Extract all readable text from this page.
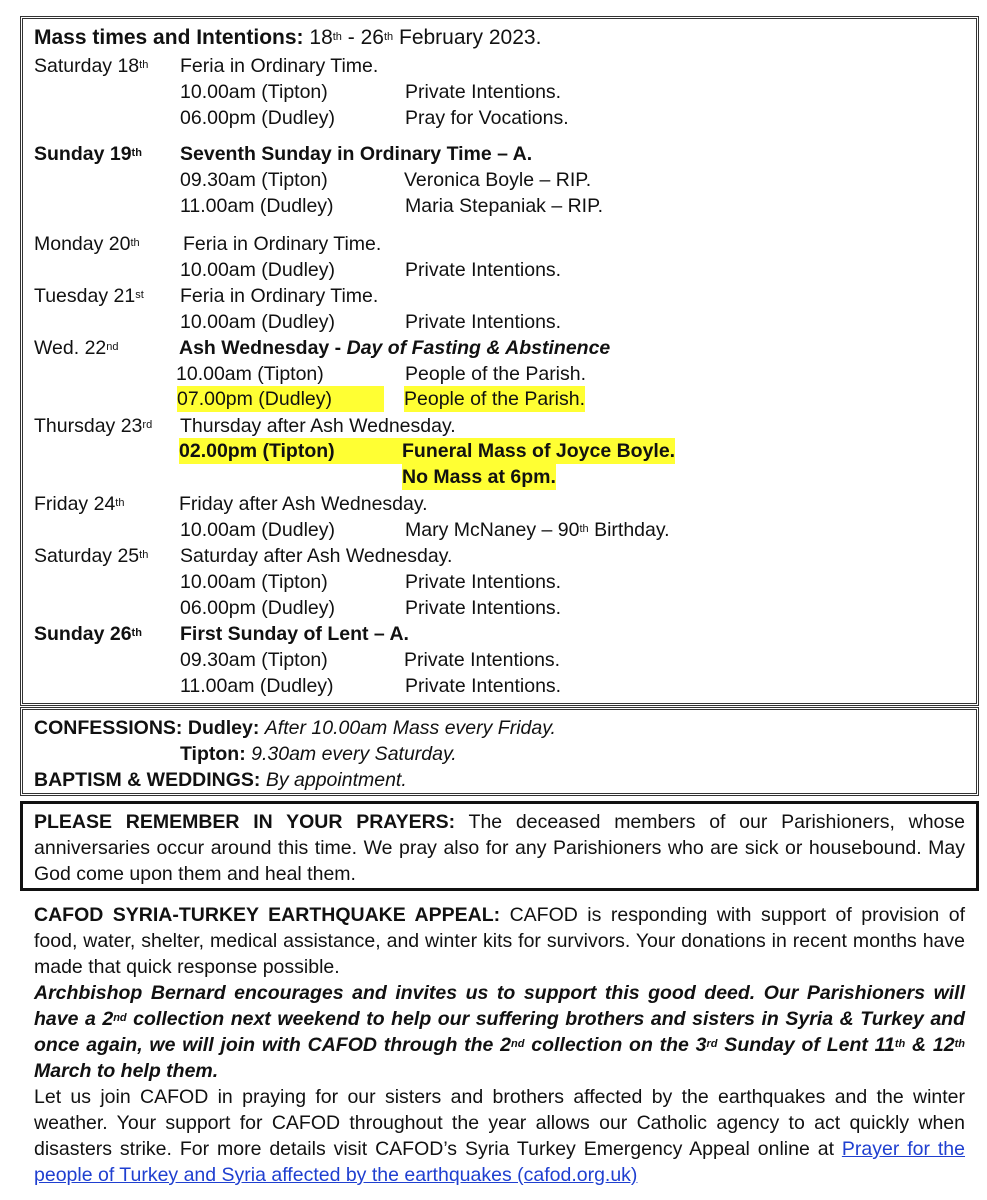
Mass times and Intentions: 18th - 26th February 2023.
Saturday 18th Feria in Ordinary Time.
10.00am (Tipton)	Private Intentions.
06.00pm (Dudley)	Pray for Vocations.
Sunday 19th Seventh Sunday in Ordinary Time – A.
09.30am (Tipton)	Veronica Boyle – RIP.
11.00am (Dudley)	Maria Stepaniak – RIP.
Monday 20th Feria in Ordinary Time.
10.00am (Dudley)	Private Intentions.
Tuesday 21st Feria in Ordinary Time.
10.00am (Dudley)	Private Intentions.
Wed. 22nd	Ash Wednesday - Day of Fasting & Abstinence
10.00am (Tipton)	People of the Parish.
07.00pm (Dudley)	People of the Parish.
Thursday 23rd Thursday after Ash Wednesday.
02.00pm (Tipton)	Funeral Mass of Joyce Boyle.
No Mass at 6pm.
Friday 24th	Friday after Ash Wednesday.
10.00am (Dudley)	Mary McNaney – 90th Birthday.
Saturday 25th Saturday after Ash Wednesday.
10.00am (Tipton)	Private Intentions.
06.00pm (Dudley)	Private Intentions.
Sunday 26th First Sunday of Lent – A.
09.30am (Tipton)	Private Intentions.
11.00am (Dudley)	Private Intentions.
CONFESSIONS: Dudley: After 10.00am Mass every Friday.
Tipton: 9.30am every Saturday.
BAPTISM & WEDDINGS: By appointment.
PLEASE REMEMBER IN YOUR PRAYERS: The deceased members of our Parishioners, whose anniversaries occur around this time. We pray also for any Parishioners who are sick or housebound. May God come upon them and heal them.
CAFOD SYRIA-TURKEY EARTHQUAKE APPEAL: CAFOD is responding with support of provision of food, water, shelter, medical assistance, and winter kits for survivors. Your donations in recent months have made that quick response possible.
Archbishop Bernard encourages and invites us to support this good deed. Our Parishioners will have a 2nd collection next weekend to help our suffering brothers and sisters in Syria & Turkey and once again, we will join with CAFOD through the 2nd collection on the 3rd Sunday of Lent 11th & 12th March to help them.
Let us join CAFOD in praying for our sisters and brothers affected by the earthquakes and the winter weather. Your support for CAFOD throughout the year allows our Catholic agency to act quickly when disasters strike. For more details visit CAFOD’s Syria Turkey Emergency Appeal online at Prayer for the people of Turkey and Syria affected by the earthquakes (cafod.org.uk)
